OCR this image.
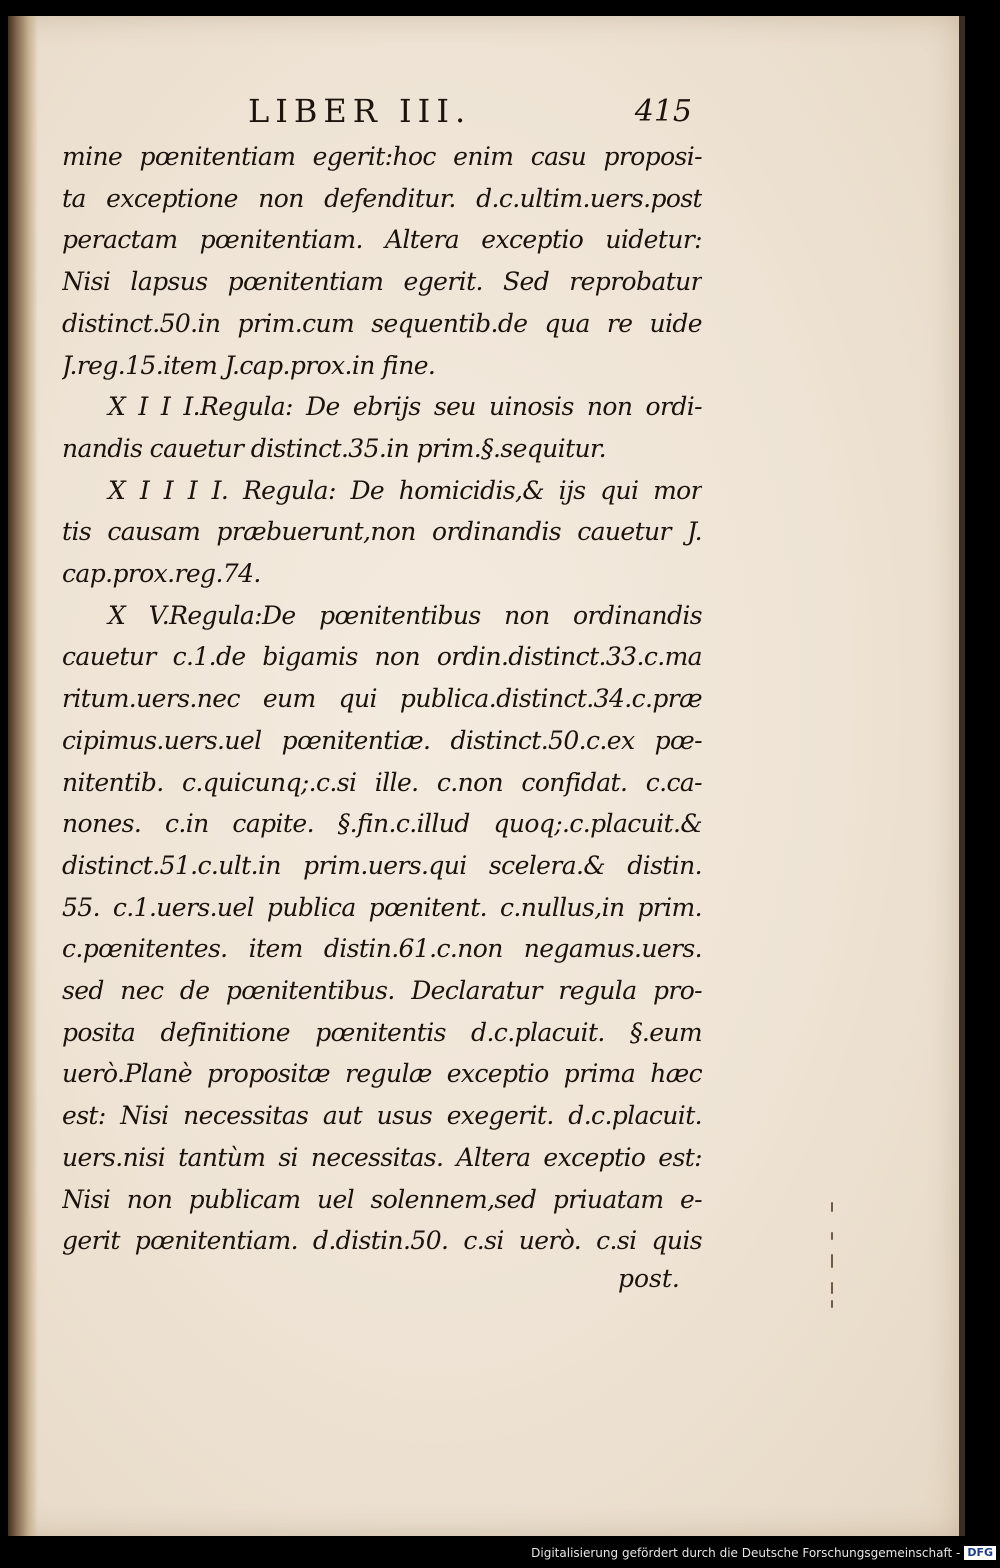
LIBER III.	415
mine pœnitentiam egerit:hoc enim casu proposi-
ta exceptione non defenditur. d.c.ultim.uers.post
peractam pœnitentiam. Altera exceptio uidetur:
Nisi lapsus pœnitentiam egerit. Sed reprobatur
distinct.50.in prim.cum sequentib.de qua re uide
J.reg.15.item J.cap.prox.in fine.
X I I I.Regula: De ebrijs seu uinosis non ordi-
nandis cauetur distinct.35.in prim.§.sequitur.
X I I I I. Regula: De homicidis,& ijs qui mor
tis causam præbuerunt,non ordinandis cauetur J.
cap.prox.reg.74.
X V.Regula:De pœnitentibus non ordinandis
cauetur c.1.de bigamis non ordin.distinct.33.c.ma
ritum.uers.nec eum qui publica.distinct.34.c.præ
cipimus.uers.uel pœnitentiæ. distinct.50.c.ex pœ-
nitentib. c.quicunq;.c.si ille. c.non confidat. c.ca-
nones. c.in capite. §.fin.c.illud quoq;.c.placuit.&
distinct.51.c.ult.in prim.uers.qui scelera.& distin.
55. c.1.uers.uel publica pœnitent. c.nullus,in prim.
c.pœnitentes. item distin.61.c.non negamus.uers.
sed nec de pœnitentibus. Declaratur regula pro-
posita definitione pœnitentis d.c.placuit. §.eum
uerò.Planè propositæ regulæ exceptio prima hæc
est: Nisi necessitas aut usus exegerit. d.c.placuit.
uers.nisi tantùm si necessitas. Altera exceptio est:
Nisi non publicam uel solennem,sed priuatam e-
gerit pœnitentiam. d.distin.50. c.si uerò. c.si quis
post.
Digitalisierung gefördert durch die Deutsche Forschungsgemeinschaft - DFG
